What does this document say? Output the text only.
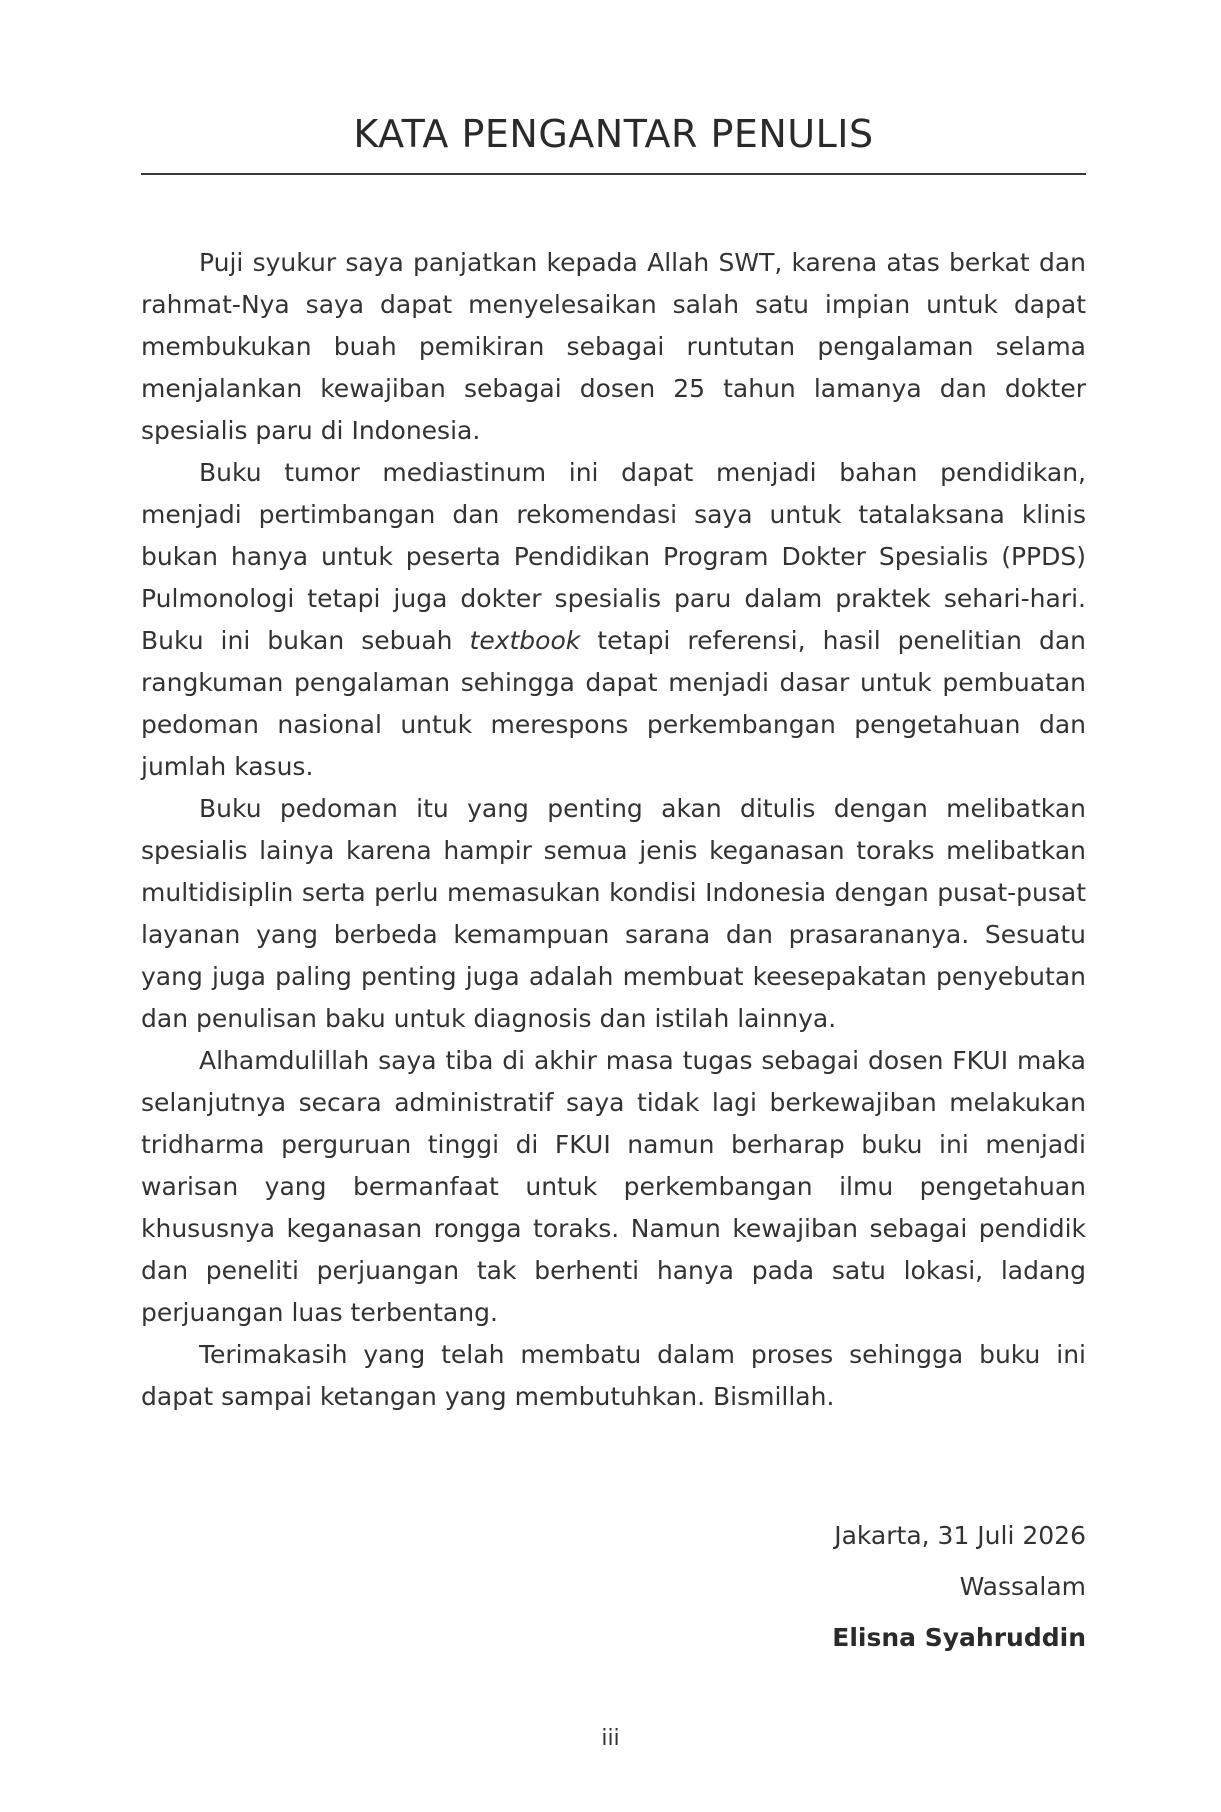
KATA PENGANTAR PENULIS

Puji syukur saya panjatkan kepada Allah SWT, karena atas berkat dan rahmat-Nya saya dapat menyelesaikan salah satu impian untuk dapat membukukan buah pemikiran sebagai runtutan pengalaman selama menjalankan kewajiban sebagai dosen 25 tahun lamanya dan dokter spesialis paru di Indonesia.

Buku tumor mediastinum ini dapat menjadi bahan pendidikan, menjadi pertimbangan dan rekomendasi saya untuk tatalaksana klinis bukan hanya untuk peserta Pendidikan Program Dokter Spesialis (PPDS) Pulmonologi tetapi juga dokter spesialis paru dalam praktek sehari-hari. Buku ini bukan sebuah textbook tetapi referensi, hasil penelitian dan rangkuman pengalaman sehingga dapat menjadi dasar untuk pembuatan pedoman nasional untuk merespons perkembangan pengetahuan dan jumlah kasus.

Buku pedoman itu yang penting akan ditulis dengan melibatkan spesialis lainya karena hampir semua jenis keganasan toraks melibatkan multidisiplin serta perlu memasukan kondisi Indonesia dengan pusat-pusat layanan yang berbeda kemampuan sarana dan prasarananya. Sesuatu yang juga paling penting juga adalah membuat keesepakatan penyebutan dan penulisan baku untuk diagnosis dan istilah lainnya.

Alhamdulillah saya tiba di akhir masa tugas sebagai dosen FKUI maka selanjutnya secara administratif saya tidak lagi berkewajiban melakukan tridharma perguruan tinggi di FKUI namun berharap buku ini menjadi warisan yang bermanfaat untuk perkembangan ilmu pengetahuan khususnya keganasan rongga toraks. Namun kewajiban sebagai pendidik dan peneliti perjuangan tak berhenti hanya pada satu lokasi, ladang perjuangan luas terbentang.

Terimakasih yang telah membatu dalam proses sehingga buku ini dapat sampai ketangan yang membutuhkan. Bismillah.

Jakarta, 31 Juli 2026
Wassalam
Elisna Syahruddin
iii
